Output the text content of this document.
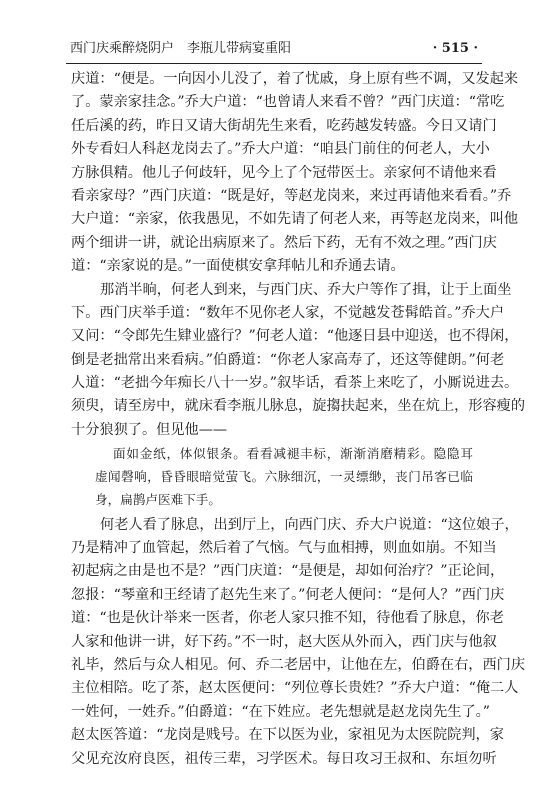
西门庆乘醉烧阴户　李瓶儿带病宴重阳	· 515 ·
庆道：“便是。一向因小儿没了，着了忧戚，身上原有些不调，又发起来
了。蒙亲家挂念。”乔大户道：“也曾请人来看不曾？”西门庆道：“常吃
任后溪的药，昨日又请大街胡先生来看，吃药越发转盛。今日又请门
外专看妇人科赵龙岗去了。”乔大户道：“咱县门前住的何老人，大小
方脉俱精。他儿子何歧轩，见今上了个冠带医士。亲家何不请他来看
看亲家母？”西门庆道：“既是好，等赵龙岗来，来过再请他来看看。”乔
大户道：“亲家，依我愚见，不如先请了何老人来，再等赵龙岗来，叫他
两个细讲一讲，就论出病原来了。然后下药，无有不效之理。”西门庆
道：“亲家说的是。”一面使棋安拿拜帖儿和乔通去请。
那消半晌，何老人到来，与西门庆、乔大户等作了揖，让于上面坐
下。西门庆举手道：“数年不见你老人家，不觉越发苍髯皓首。”乔大户
又问：“令郎先生肄业盛行？”何老人道：“他逐日县中迎送，也不得闲，
倒是老拙常出来看病。”伯爵道：“你老人家高寿了，还这等健朗。”何老
人道：“老拙今年痴长八十一岁。”叙毕话，看茶上来吃了，小厮说进去。
须臾，请至房中，就床看李瓶儿脉息，旋搊扶起来，坐在炕上，形容瘦的
十分狼狈了。但见他——
面如金纸，体似银条。看看减褪丰标，渐渐消磨精彩。隐隐耳
虚闻磬响，昏昏眼暗觉萤飞。六脉细沉，一灵缥缈，丧门吊客已临
身，扁鹊卢医难下手。
何老人看了脉息，出到厅上，向西门庆、乔大户说道：“这位娘子，
乃是精冲了血管起，然后着了气恼。气与血相搏，则血如崩。不知当
初起病之由是也不是？”西门庆道：“是便是，却如何治疗？”正论间，
忽报：“琴童和王经请了赵先生来了。”何老人便问：“是何人？”西门庆
道：“也是伙计举来一医者，你老人家只推不知，待他看了脉息，你老
人家和他讲一讲，好下药。”不一时，赵大医从外而入，西门庆与他叙
礼毕，然后与众人相见。何、乔二老居中，让他在左，伯爵在右，西门庆
主位相陪。吃了茶，赵太医便问：“列位尊长贵姓？”乔大户道：“俺二人
一姓何，一姓乔。”伯爵道：“在下姓应。老先想就是赵龙岗先生了。”
赵太医答道：“龙岗是贱号。在下以医为业，家祖见为太医院院判，家
父见充汝府良医，祖传三辈，习学医术。每日攻习王叔和、东垣勿听
